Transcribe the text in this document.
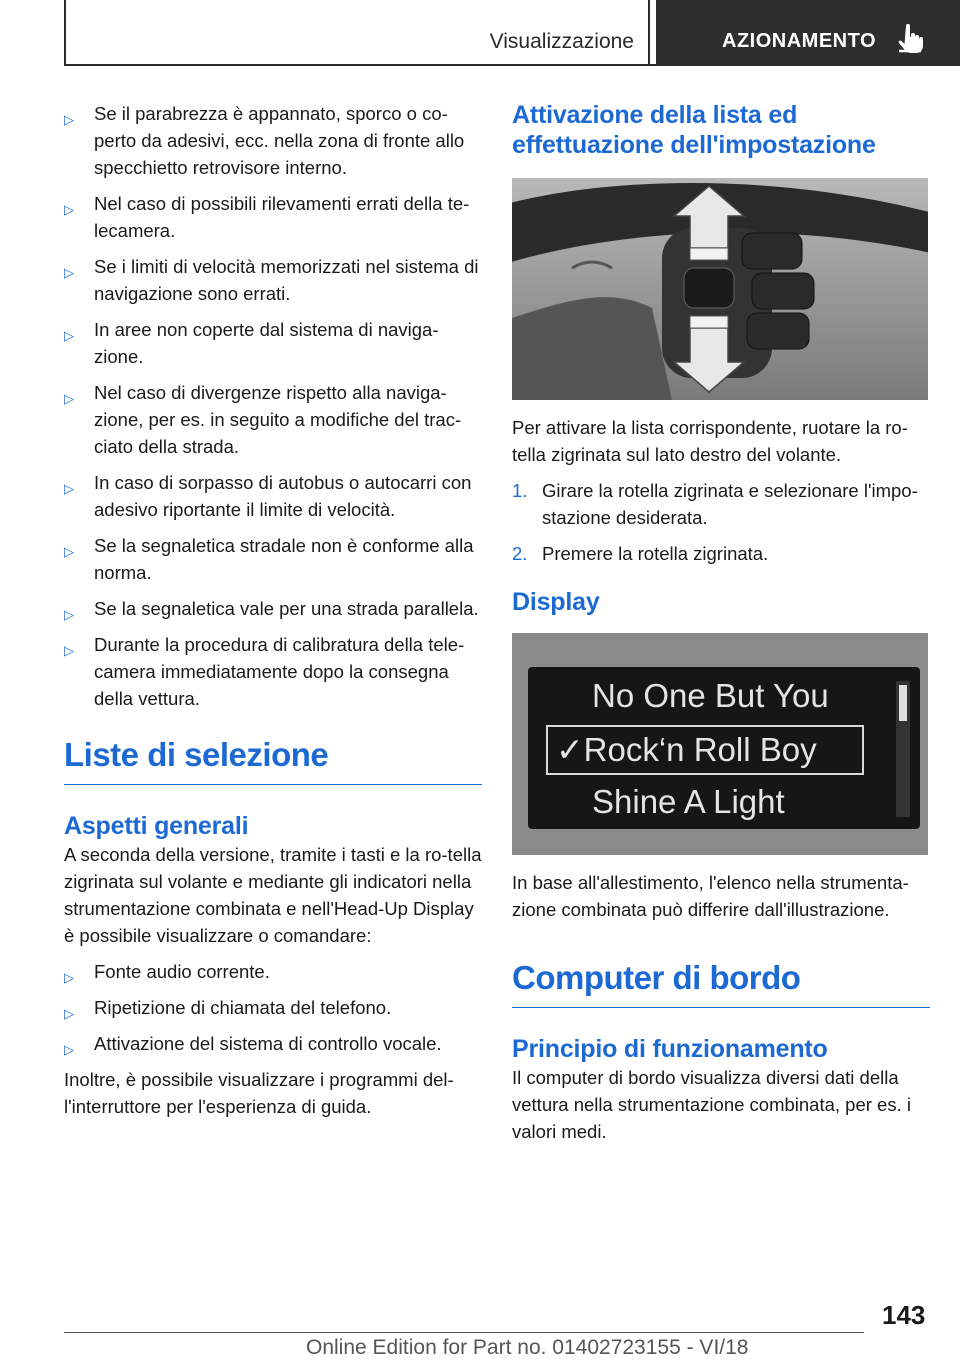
Visualizzazione	AZIONAMENTO
▷ Se il parabrezza è appannato, sporco o co‐perto da adesivi, ecc. nella zona di fronte allo specchietto retrovisore interno.
▷ Nel caso di possibili rilevamenti errati della te‐lecamera.
▷ Se i limiti di velocità memorizzati nel sistema di navigazione sono errati.
▷ In aree non coperte dal sistema di naviga‐zione.
▷ Nel caso di divergenze rispetto alla naviga‐zione, per es. in seguito a modifiche del trac‐ciato della strada.
▷ In caso di sorpasso di autobus o autocarri con adesivo riportante il limite di velocità.
▷ Se la segnaletica stradale non è conforme alla norma.
▷ Se la segnaletica vale per una strada parallela.
▷ Durante la procedura di calibratura della tele‐camera immediatamente dopo la consegna della vettura.
Liste di selezione
Aspetti generali

A seconda della versione, tramite i tasti e la ro‐tella zigrinata sul volante e mediante gli indicatori nella strumentazione combinata e nell'Head-Up Display è possibile visualizzare o comandare:

▷ Fonte audio corrente.
▷ Ripetizione di chiamata del telefono.
▷ Attivazione del sistema di controllo vocale.

Inoltre, è possibile visualizzare i programmi del‐l'interruttore per l'esperienza di guida.

Attivazione della lista ed effettuazione dell'impostazione

Per attivare la lista corrispondente, ruotare la ro‐tella zigrinata sul lato destro del volante.

1. Girare la rotella zigrinata e selezionare l'impo‐stazione desiderata.
2. Premere la rotella zigrinata.
Display
No One But You
✓Rock‘n Roll Boy
Shine A Light

In base all'allestimento, l'elenco nella strumenta‐zione combinata può differire dall'illustrazione.

Computer di bordo
Principio di funzionamento

Il computer di bordo visualizza diversi dati della vettura nella strumentazione combinata, per es. i valori medi.

143
Online Edition for Part no. 01402723155 - VI/18
